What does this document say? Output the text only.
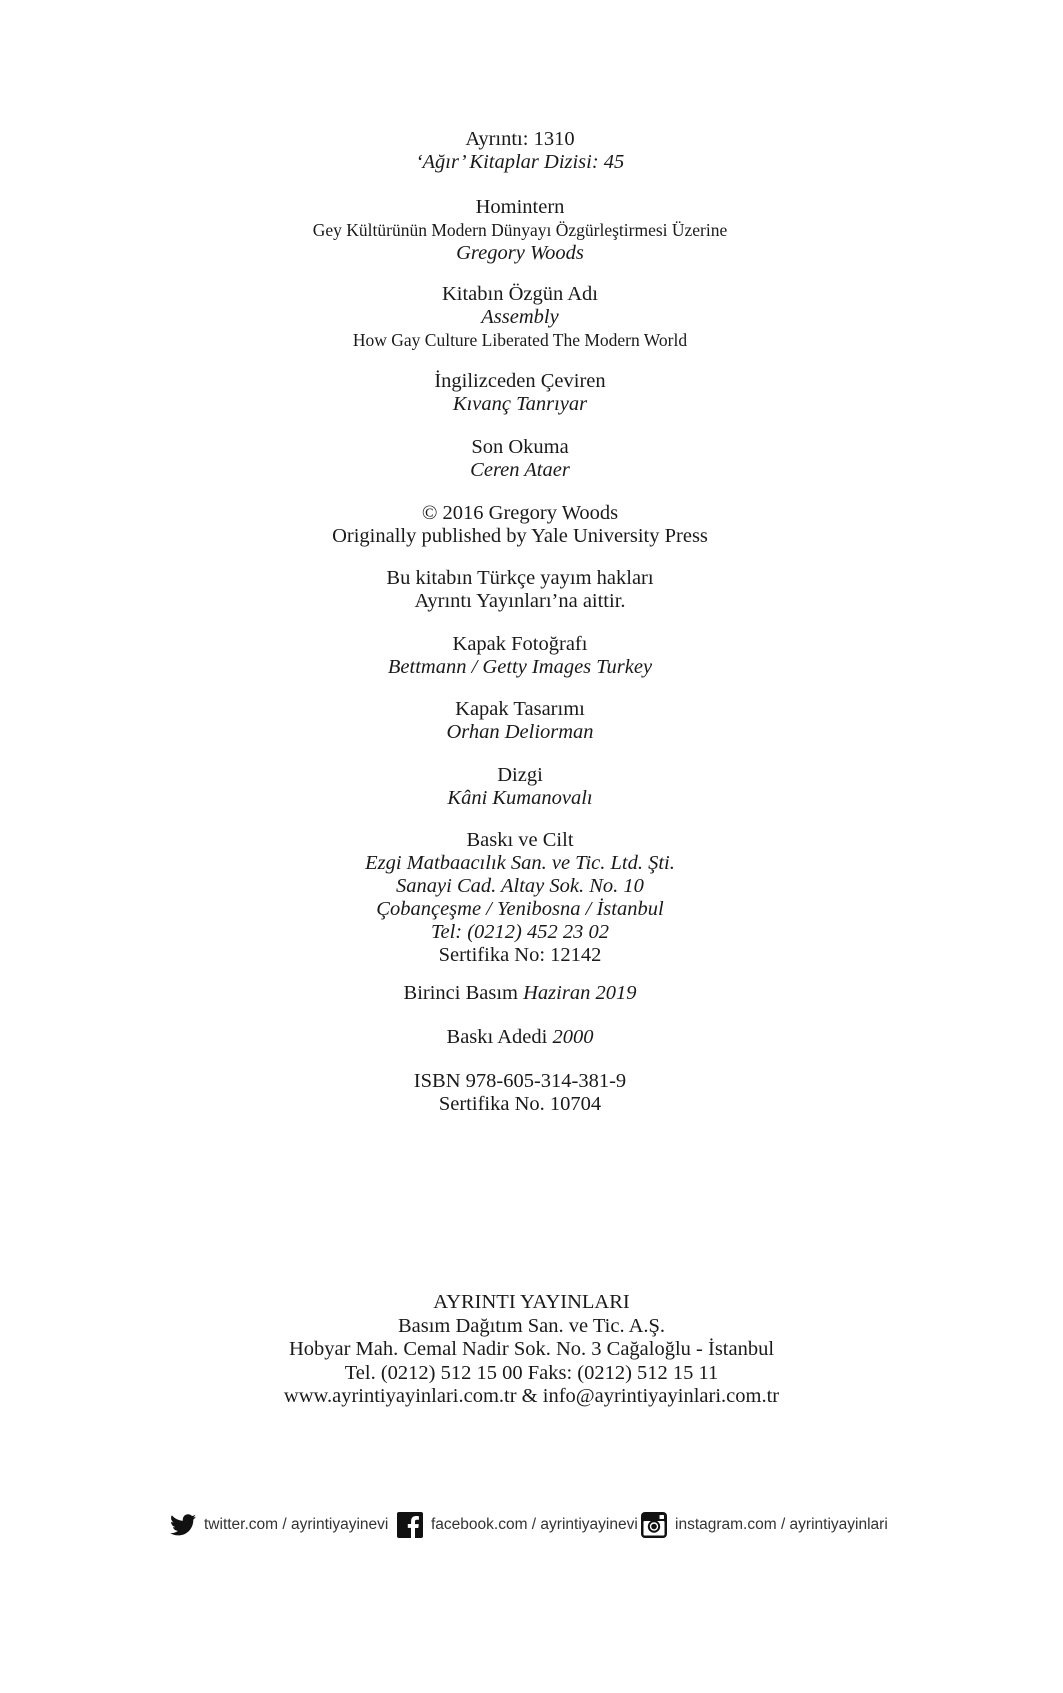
Ayrıntı: 1310
‘Ağır’ Kitaplar Dizisi: 45
Homintern
Gey Kültürünün Modern Dünyayı Özgürleştirmesi Üzerine
Gregory Woods
Kitabın Özgün Adı
Assembly
How Gay Culture Liberated The Modern World
İngilizceden Çeviren
Kıvanç Tanrıyar
Son Okuma
Ceren Ataer
© 2016 Gregory Woods
Originally published by Yale University Press
Bu kitabın Türkçe yayım hakları
Ayrıntı Yayınları’na aittir.
Kapak Fotoğrafı
Bettmann / Getty Images Turkey
Kapak Tasarımı
Orhan Deliorman
Dizgi
Kâni Kumanovalı
Baskı ve Cilt
Ezgi Matbaacılık San. ve Tic. Ltd. Şti.
Sanayi Cad. Altay Sok. No. 10
Çobançeşme / Yenibosna / İstanbul
Tel: (0212) 452 23 02
Sertifika No: 12142
Birinci Basım Haziran 2019
Baskı Adedi 2000
ISBN 978-605-314-381-9
Sertifika No. 10704
AYRINTI YAYINLARI
Basım Dağıtım San. ve Tic. A.Ş.
Hobyar Mah. Cemal Nadir Sok. No. 3 Cağaloğlu - İstanbul
Tel. (0212) 512 15 00 Faks: (0212) 512 15 11
www.ayrintiyayinlari.com.tr & info@ayrintiyayinlari.com.tr
twitter.com / ayrintiyayinevi	facebook.com / ayrintiyayinevi instagram.com / ayrintiyayinlari
